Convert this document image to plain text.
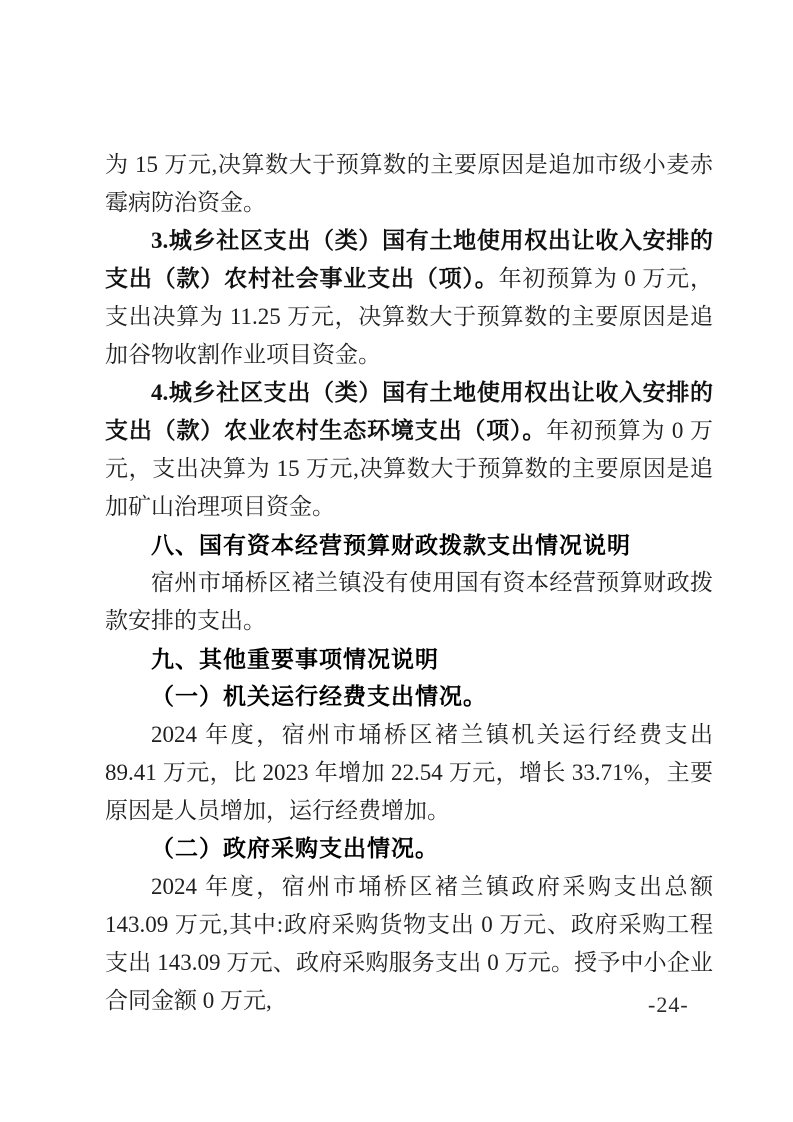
为 15 万元,决算数大于预算数的主要原因是追加市级小麦赤霉病防治资金。

3.城乡社区支出（类）国有土地使用权出让收入安排的支出（款）农村社会事业支出（项）。年初预算为 0 万元，支出决算为 11.25 万元，决算数大于预算数的主要原因是追加谷物收割作业项目资金。

4.城乡社区支出（类）国有土地使用权出让收入安排的支出（款）农业农村生态环境支出（项）。年初预算为 0 万元，支出决算为 15 万元,决算数大于预算数的主要原因是追加矿山治理项目资金。

八、国有资本经营预算财政拨款支出情况说明

宿州市埇桥区褚兰镇没有使用国有资本经营预算财政拨款安排的支出。

九、其他重要事项情况说明
（一）机关运行经费支出情况。

2024 年度，宿州市埇桥区褚兰镇机关运行经费支出 89.41 万元，比 2023 年增加 22.54 万元，增长 33.71%，主要原因是人员增加，运行经费增加。

（二）政府采购支出情况。

2024 年度，宿州市埇桥区褚兰镇政府采购支出总额 143.09 万元,其中:政府采购货物支出 0 万元、政府采购工程支出 143.09 万元、政府采购服务支出 0 万元。授予中小企业合同金额 0 万元,	-24-
